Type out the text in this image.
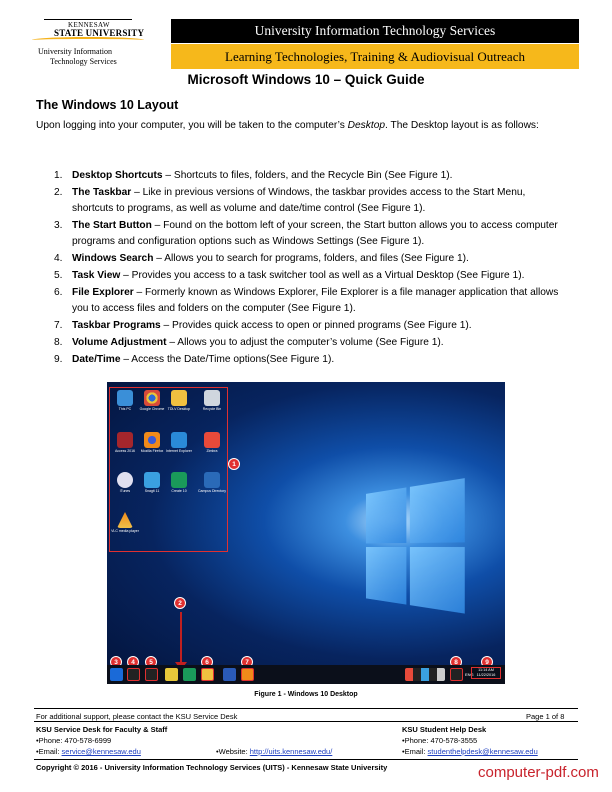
KENNESAW
STATE UNIVERSITY
University Information
Technology Services
University Information Technology Services
Learning Technologies, Training & Audiovisual Outreach
Microsoft Windows 10 – Quick Guide
The Windows 10 Layout

Upon logging into your computer, you will be taken to the computer’s Desktop. The Desktop layout is as follows:

1. Desktop Shortcuts – Shortcuts to files, folders, and the Recycle Bin (See Figure 1).
2. The Taskbar – Like in previous versions of Windows, the taskbar provides access to the Start Menu, shortcuts to programs, as well as volume and date/time control (See Figure 1).
3. The Start Button – Found on the bottom left of your screen, the Start button allows you to access computer programs and configuration options such as Windows Settings (See Figure 1).
4. Windows Search – Allows you to search for programs, folders, and files (See Figure 1).
5. Task View – Provides you access to a task switcher tool as well as a Virtual Desktop (See Figure 1).
6. File Explorer – Formerly known as Windows Explorer, File Explorer is a file manager application that allows you to access files and folders on the computer (See Figure 1).
7. Taskbar Programs – Provides quick access to open or pinned programs (See Figure 1).
8. Volume Adjustment – Allows you to adjust the computer’s volume (See Figure 1).
9. Date/Time – Access the Date/Time options(See Figure 1).
This PC	Google Chrome TDLV Desktop	Recycle Bin
Access 2016	Mozilla Firefox Internet Explorer	Zimbra
iTunes	Snagit 11	Create 10	Campus Directory
VLC media player
1
2
3	4	5	6	7	8	9
ENG
11:14 AM
11/22/2016
Figure 1 - Windows 10 Desktop
For additional support, please contact the KSU Service Desk	Page 1 of 8
KSU Service Desk for Faculty & Staff
•Phone: 470-578-6999
•Email: service@kennesaw.edu	•Website: http://uits.kennesaw.edu/
KSU Student Help Desk
•Phone: 470-578-3555
•Email: studenthelpdesk@kennesaw.edu
Copyright © 2016 - University Information Technology Services (UITS) - Kennesaw State University	computer-pdf.com
